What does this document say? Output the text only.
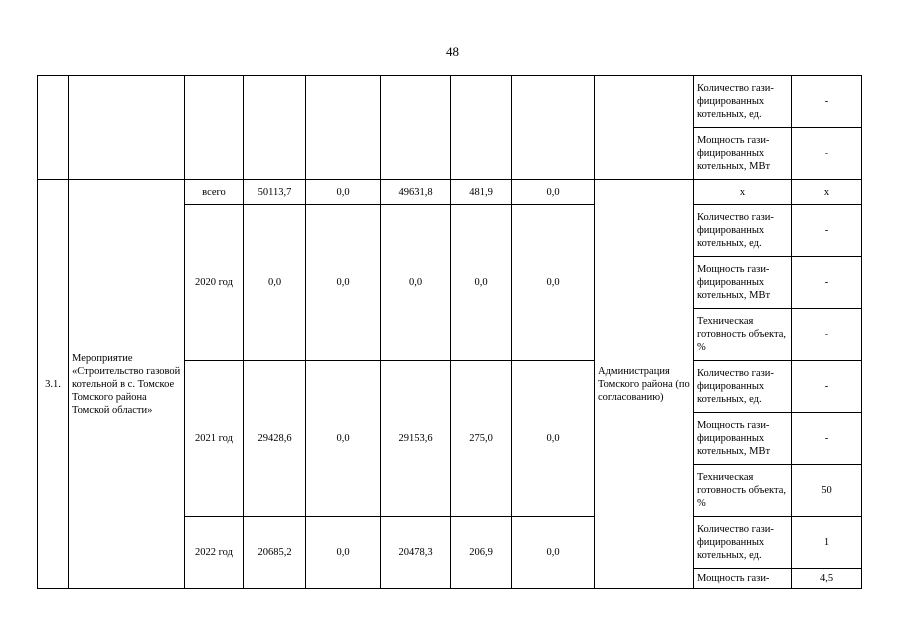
48
									Количество гази-фицированных котельных, ед.	-
									Мощность гази-фицированных котельных, МВт	-
3.1.	Мероприятие «Строительство газовой котельной в с. Томское Томского района Томской области»	всего	50113,7	0,0	49631,8	481,9	0,0	Администрация Томского района (по согласованию)	х	х
		2020 год	0,0	0,0	0,0	0,0	0,0		Количество гази-фицированных котельных, ед.	-
									Мощность гази-фицированных котельных, МВт	-
									Техническая готовность объекта, %	-
		2021 год	29428,6	0,0	29153,6	275,0	0,0		Количество гази-фицированных котельных, ед.	-
									Мощность гази-фицированных котельных, МВт	-
									Техническая готовность объекта, %	50
		2022 год	20685,2	0,0	20478,3	206,9	0,0		Количество гази-фицированных котельных, ед.	1
									Мощность гази-	4,5
